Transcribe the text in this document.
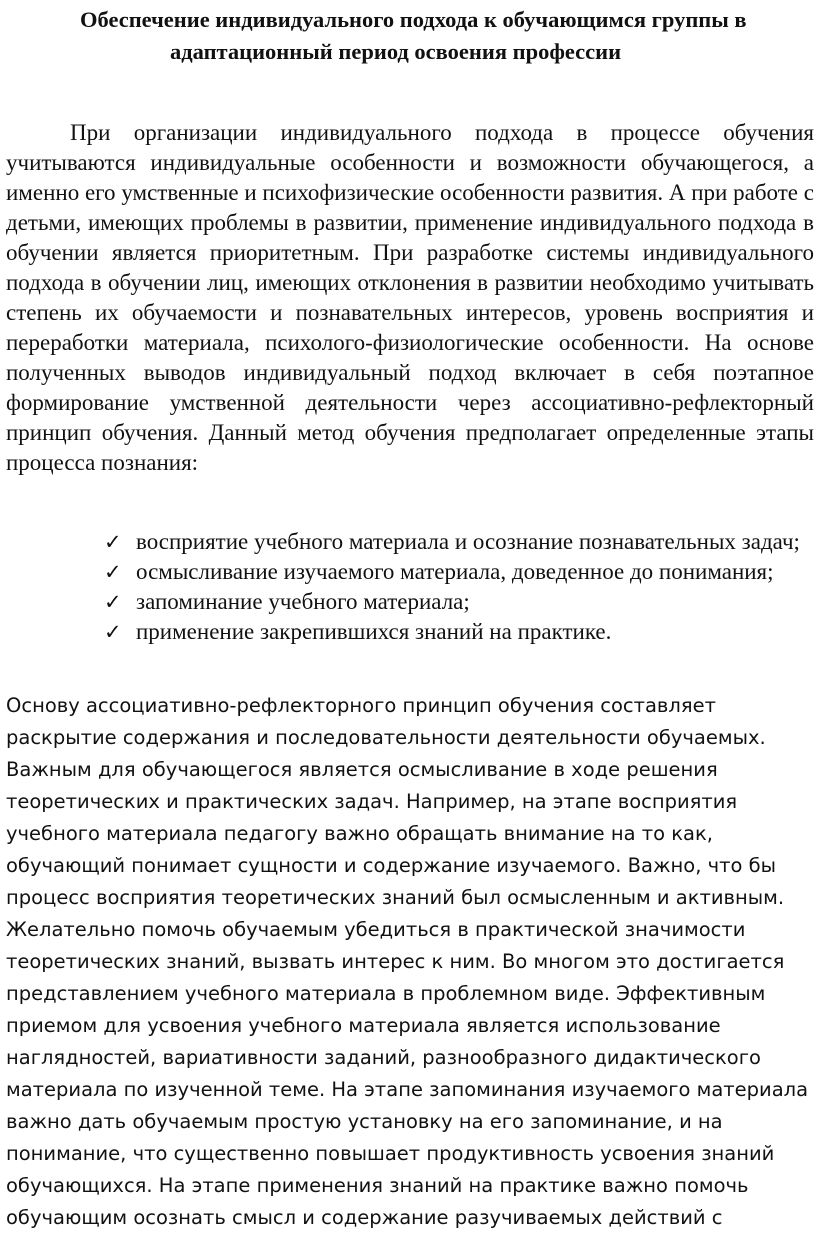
Обеспечение индивидуального подхода к обучающимся группы в
адаптационный период освоения профессии

При организации индивидуального подхода в процессе обучения учитываются индивидуальные особенности и возможности обучающегося, а именно его умственные и психофизические особенности развития. А при работе с детьми, имеющих проблемы в развитии, применение индивидуального подхода в обучении является приоритетным. При разработке системы индивидуального подхода в обучении лиц, имеющих отклонения в развитии необходимо учитывать степень их обучаемости и познавательных интересов, уровень восприятия и переработки материала, психолого-физиологические особенности. На основе полученных выводов индивидуальный подход включает в себя поэтапное формирование умственной деятельности через ассоциативно-рефлекторный принцип обучения. Данный метод обучения предполагает определенные этапы процесса познания:

✓ восприятие учебного материала и осознание познавательных задач;
✓ осмысливание изучаемого материала, доведенное до понимания;
✓ запоминание учебного материала;
✓ применение закрепившихся знаний на практике.

Основу ассоциативно-рефлекторного принцип обучения составляет раскрытие содержания и последовательности деятельности обучаемых. Важным для обучающегося является осмысливание в ходе решения теоретических и практических задач. Например, на этапе восприятия учебного материала педагогу важно обращать внимание на то как, обучающий понимает сущности и содержание изучаемого. Важно, что бы процесс восприятия теоретических знаний был осмысленным и активным. Желательно помочь обучаемым убедиться в практической значимости теоретических знаний, вызвать интерес к ним. Во многом это достигается представлением учебного материала в проблемном виде. Эффективным приемом для усвоения учебного материала является использование наглядностей, вариативности заданий, разнообразного дидактического материала по изученной теме. На этапе запоминания изучаемого материала важно дать обучаемым простую установку на его запоминание, и на понимание, что существенно повышает продуктивность усвоения знаний обучающихся. На этапе применения знаний на практике важно помочь обучающим осознать смысл и содержание разучиваемых действий с
